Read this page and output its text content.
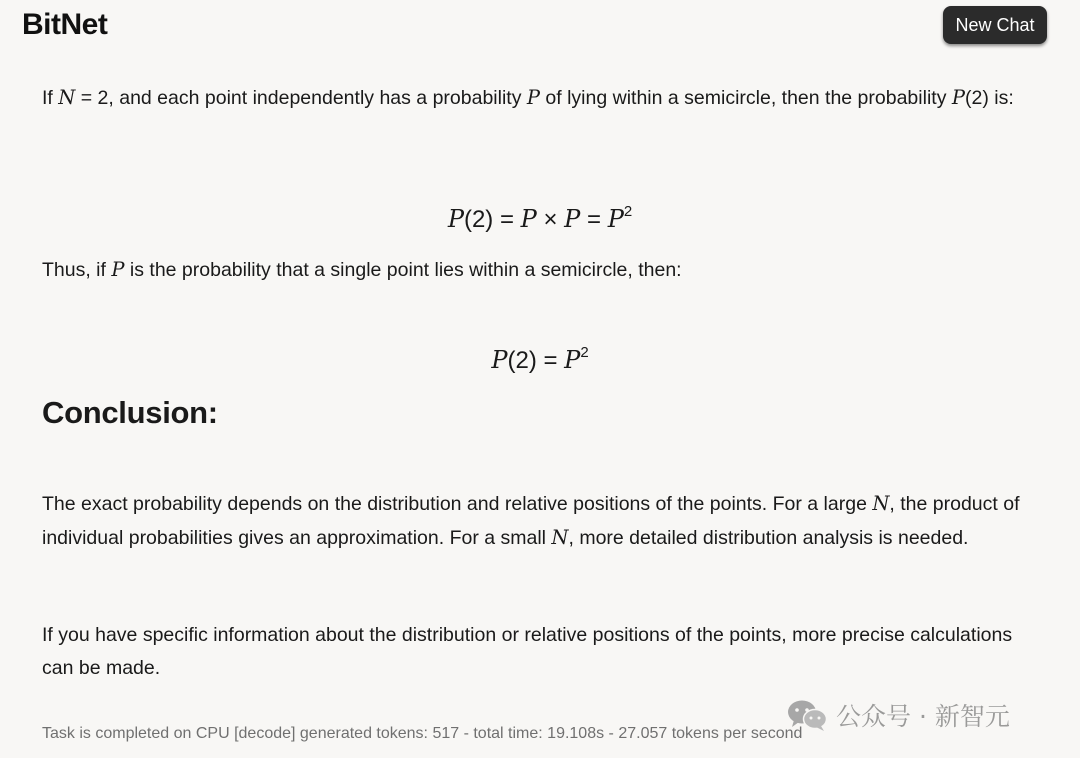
BitNet	New Chat

If N = 2, and each point independently has a probability P of lying within a semicircle, then the probability P(2) is:

$P(2) = P \times P = P^2$

Thus, if P is the probability that a single point lies within a semicircle, then:

$P(2) = P^2$
Conclusion:

The exact probability depends on the distribution and relative positions of the points. For a large N, the product of individual probabilities gives an approximation. For a small N, more detailed distribution analysis is needed.

If you have specific information about the distribution or relative positions of the points, more precise calculations can be made.

Task is completed on CPU [decode] generated tokens: 517 - total time: 19.108s - 27.057 tokens per second
公众号 · 新智元
